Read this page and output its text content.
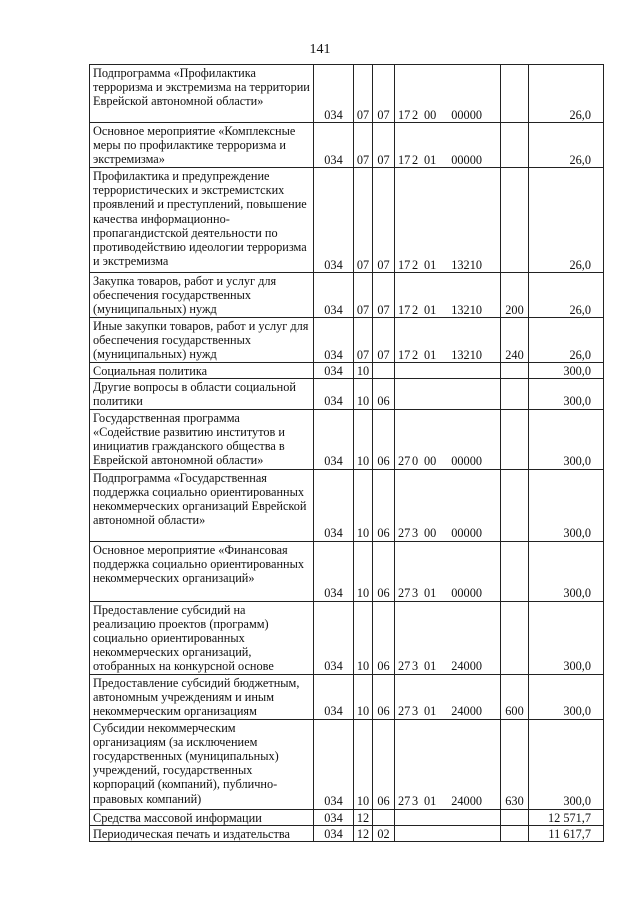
141
Подпрограмма «Профилактика терроризма и экстремизма на территории Еврейской автономной области»	034	07	07	17 2 00 00000		26,0
Основное мероприятие «Комплексные меры по профилактике терроризма и экстремизма»	034	07	07	17 2 01 00000		26,0
Профилактика и предупреждение террористических и экстремистских проявлений и преступлений, повышение качества информационно-пропагандистской деятельности по противодействию идеологии терроризма и экстремизма	034	07	07	17 2 01 13210		26,0
Закупка товаров, работ и услуг для обеспечения государственных (муниципальных) нужд	034	07	07	17 2 01 13210	200	26,0
Иные закупки товаров, работ и услуг для обеспечения государственных (муниципальных) нужд	034	07	07	17 2 01 13210	240	26,0
Социальная политика	034	10				300,0
Другие вопросы в области социальной политики	034	10	06			300,0
Государственная программа «Содействие развитию институтов и инициатив гражданского общества в Еврейской автономной области»	034	10	06	27 0 00 00000		300,0
Подпрограмма «Государственная поддержка социально ориентированных некоммерческих организаций Еврейской автономной области»	034	10	06	27 3 00 00000		300,0
Основное мероприятие «Финансовая поддержка социально ориентированных некоммерческих организаций»	034	10	06	27 3 01 00000		300,0
Предоставление субсидий на реализацию проектов (программ) социально ориентированных некоммерческих организаций, отобранных на конкурсной основе	034	10	06	27 3 01 24000		300,0
Предоставление субсидий бюджетным, автономным учреждениям и иным некоммерческим организациям	034	10	06	27 3 01 24000	600	300,0
Субсидии некоммерческим организациям (за исключением государственных (муниципальных) учреждений, государственных корпораций (компаний), публично-правовых компаний)	034	10	06	27 3 01 24000	630	300,0
Средства массовой информации	034	12				12 571,7
Периодическая печать и издательства	034	12	02			11 617,7
